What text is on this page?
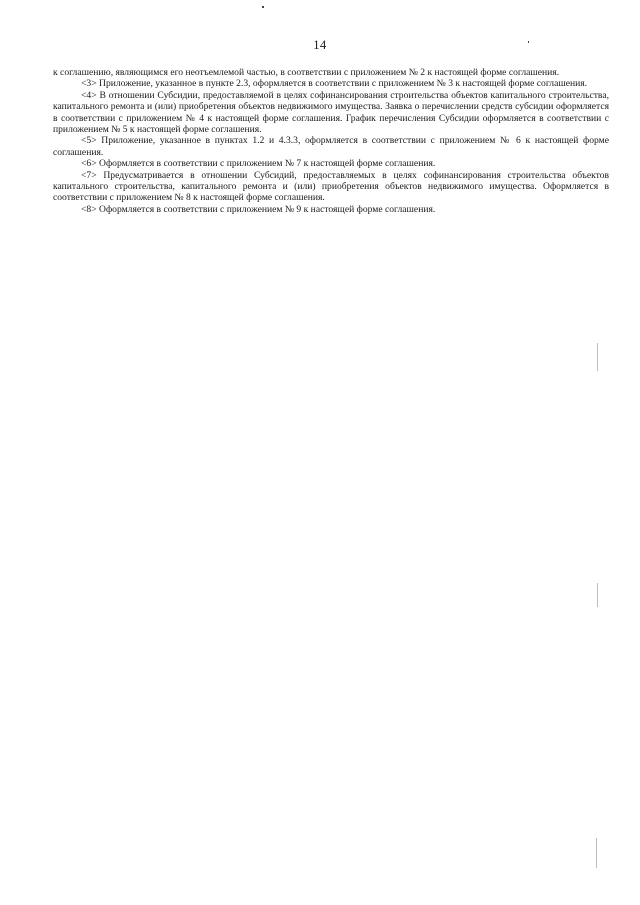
14

к соглашению, являющимся его неотъемлемой частью, в соответствии с приложением № 2 к настоящей форме соглашения.

<3> Приложение, указанное в пункте 2.3, оформляется в соответствии с приложением № 3 к настоящей форме соглашения.

<4> В отношении Субсидии, предоставляемой в целях софинансирования строительства объектов капитального строительства, капитального ремонта и (или) приобретения объектов недвижимого имущества. Заявка о перечислении средств субсидии оформляется в соответствии с приложением № 4 к настоящей форме соглашения. График перечисления Субсидии оформляется в соответствии с приложением № 5 к настоящей форме соглашения.

<5> Приложение, указанное в пунктах 1.2 и 4.3.3, оформляется в соответствии с приложением № 6 к настоящей форме соглашения.

<6> Оформляется в соответствии с приложением № 7 к настоящей форме соглашения.

<7> Предусматривается в отношении Субсидий, предоставляемых в целях софинансирования строительства объектов капитального строительства, капитального ремонта и (или) приобретения объектов недвижимого имущества. Оформляется в соответствии с приложением № 8 к настоящей форме соглашения.

<8> Оформляется в соответствии с приложением № 9 к настоящей форме соглашения.
